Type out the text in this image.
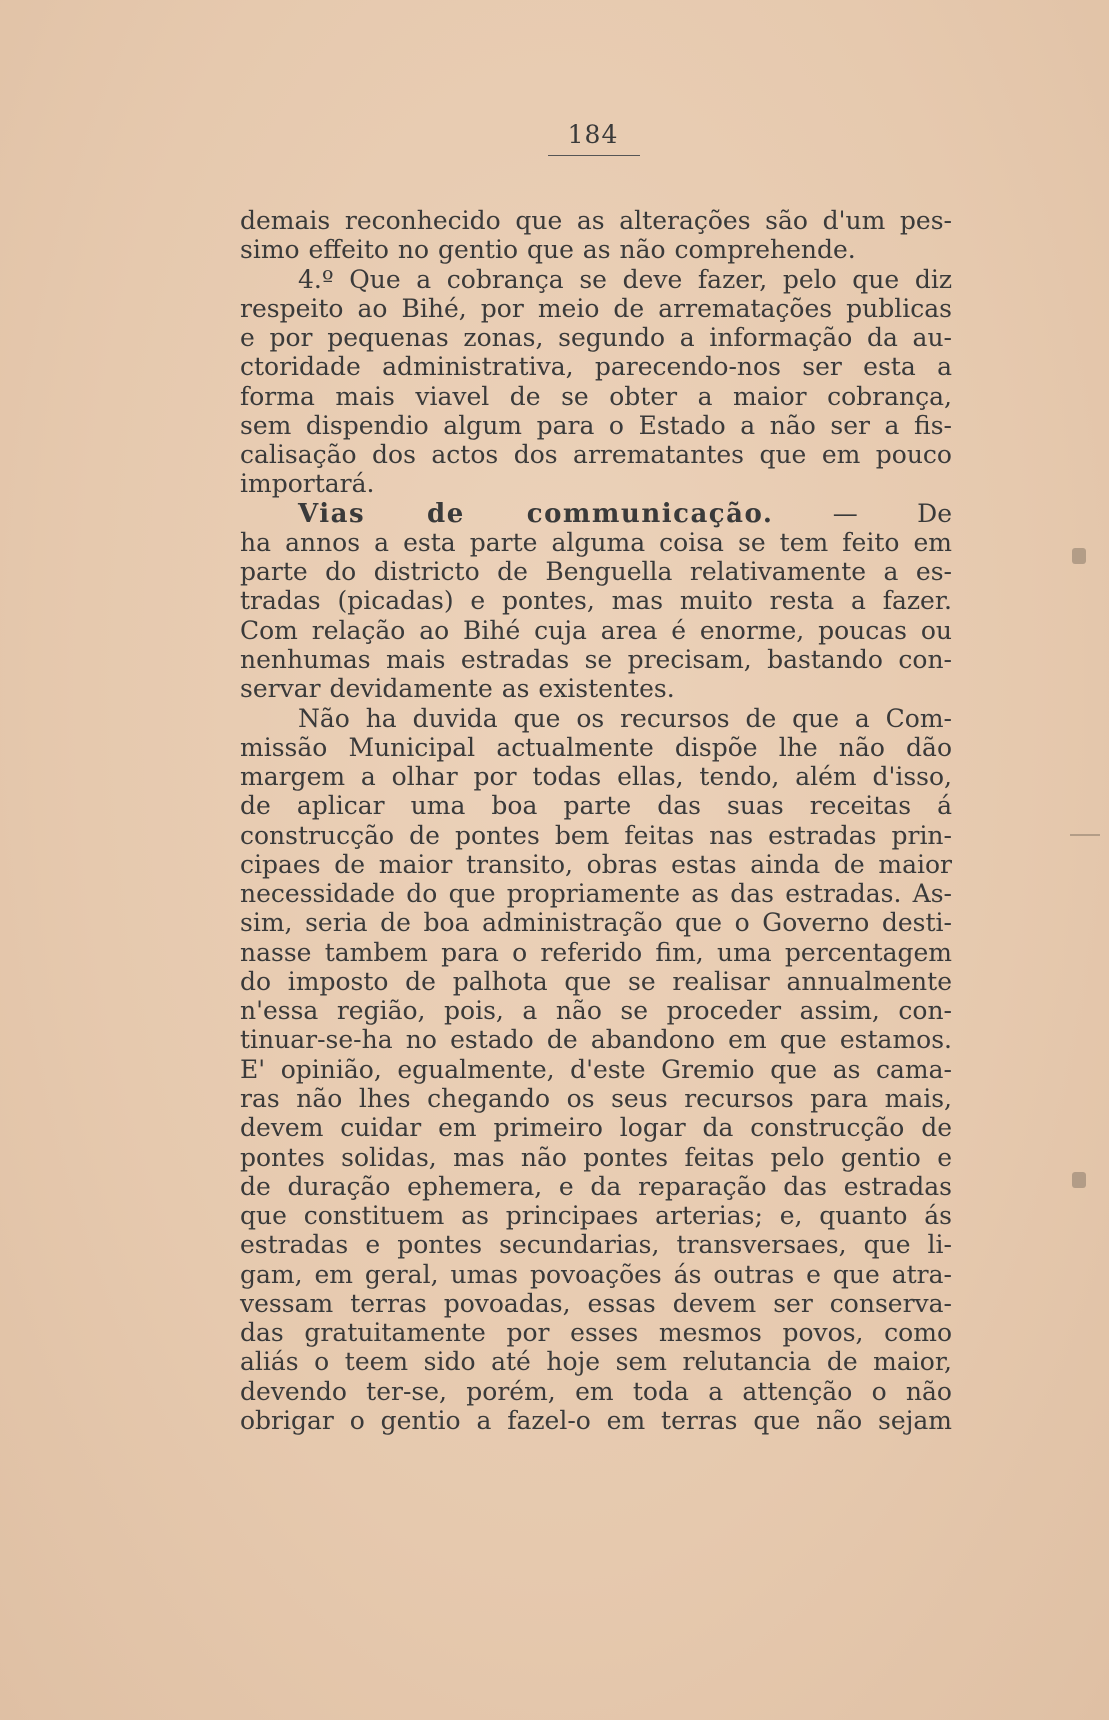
184
demais reconhecido que as alterações são d'um pes-
simo effeito no gentio que as não comprehende.
4.º Que a cobrança se deve fazer, pelo que diz
respeito ao Bihé, por meio de arrematações publicas
e por pequenas zonas, segundo a informação da au-
ctoridade administrativa, parecendo-nos ser esta a
forma mais viavel de se obter a maior cobrança,
sem dispendio algum para o Estado a não ser a fis-
calisação dos actos dos arrematantes que em pouco
importará.
Vias de communicação. — De
ha annos a esta parte alguma coisa se tem feito em
parte do districto de Benguella relativamente a es-
tradas (picadas) e pontes, mas muito resta a fazer.
Com relação ao Bihé cuja area é enorme, poucas ou
nenhumas mais estradas se precisam, bastando con-
servar devidamente as existentes.
Não ha duvida que os recursos de que a Com-
missão Municipal actualmente dispõe lhe não dão
margem a olhar por todas ellas, tendo, além d'isso,
de aplicar uma boa parte das suas receitas á
construcção de pontes bem feitas nas estradas prin-
cipaes de maior transito, obras estas ainda de maior
necessidade do que propriamente as das estradas. As-
sim, seria de boa administração que o Governo desti-
nasse tambem para o referido fim, uma percentagem
do imposto de palhota que se realisar annualmente
n'essa região, pois, a não se proceder assim, con-
tinuar-se-ha no estado de abandono em que estamos.
E' opinião, egualmente, d'este Gremio que as cama-
ras não lhes chegando os seus recursos para mais,
devem cuidar em primeiro logar da construcção de
pontes solidas, mas não pontes feitas pelo gentio e
de duração ephemera, e da reparação das estradas
que constituem as principaes arterias; e, quanto ás
estradas e pontes secundarias, transversaes, que li-
gam, em geral, umas povoações ás outras e que atra-
vessam terras povoadas, essas devem ser conserva-
das gratuitamente por esses mesmos povos, como
aliás o teem sido até hoje sem relutancia de maior,
devendo ter-se, porém, em toda a attenção o não
obrigar o gentio a fazel-o em terras que não sejam
